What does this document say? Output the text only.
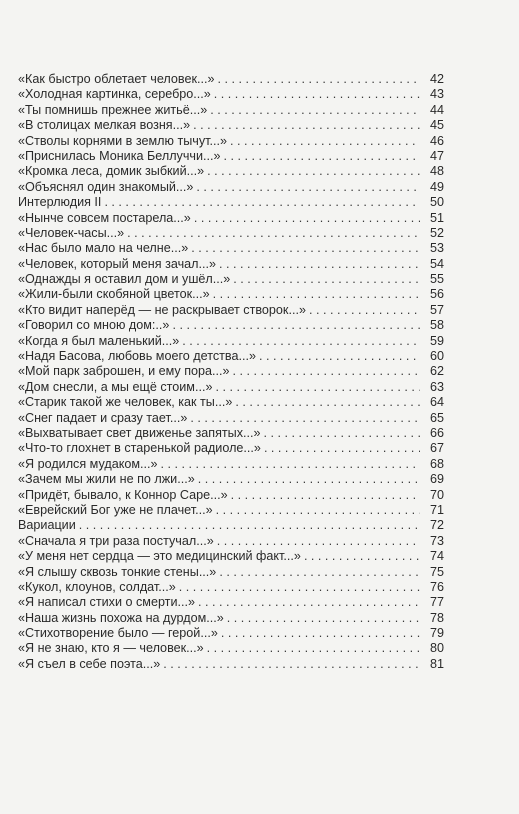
«Как быстро облетает человек...» . . .	42
«Холодная картинка, серебро...» . . .	43
«Ты помнишь прежнее житьё...» . . .	44
«В столицах мелкая возня...» . . .	45
«Стволы корнями в землю тычут...» . . .	46
«Приснилась Моника Беллуччи...» . . .	47
«Кромка леса, домик зыбкий...» . . .	48
«Объяснял один знакомый...» . . .	49
Интерлюдия II . . .	50
«Нынче совсем постарела...» . . .	51
«Человек-часы...» . . .	52
«Нас было мало на челне...» . . .	53
«Человек, который меня зачал...» . . .	54
«Однажды я оставил дом и ушёл...» . . .	55
«Жили-были скобяной цветок...» . . .	56
«Кто видит наперёд — не раскрывает створок...» . . .	57
«Говорил со мною дом:..» . . .	58
«Когда я был маленький...» . . .	59
«Надя Басова, любовь моего детства...» . . .	60
«Мой парк заброшен, и ему пора...» . . .	62
«Дом снесли, а мы ещё стоим...» . . .	63
«Старик такой же человек, как ты...» . . .	64
«Снег падает и сразу тает...» . . .	65
«Выхватывает свет движенье запятых...» . . .	66
«Что-то глохнет в старенькой радиоле...» . . .	67
«Я родился мудаком...» . . .	68
«Зачем мы жили не по лжи...» . . .	69
«Придёт, бывало, к Коннор Саре...» . . .	70
«Еврейский Бог уже не плачет...» . . .	71
Вариации . . .	72
«Сначала я три раза постучал...» . . .	73
«У меня нет сердца — это медицинский факт...» . . .	74
«Я слышу сквозь тонкие стены...» . . .	75
«Кукол, клоунов, солдат...» . . .	76
«Я написал стихи о смерти...» . . .	77
«Наша жизнь похожа на дурдом...» . . .	78
«Стихотворение было — герой...» . . .	79
«Я не знаю, кто я — человек...» . . .	80
«Я съел в себе поэта...» . . .	81
